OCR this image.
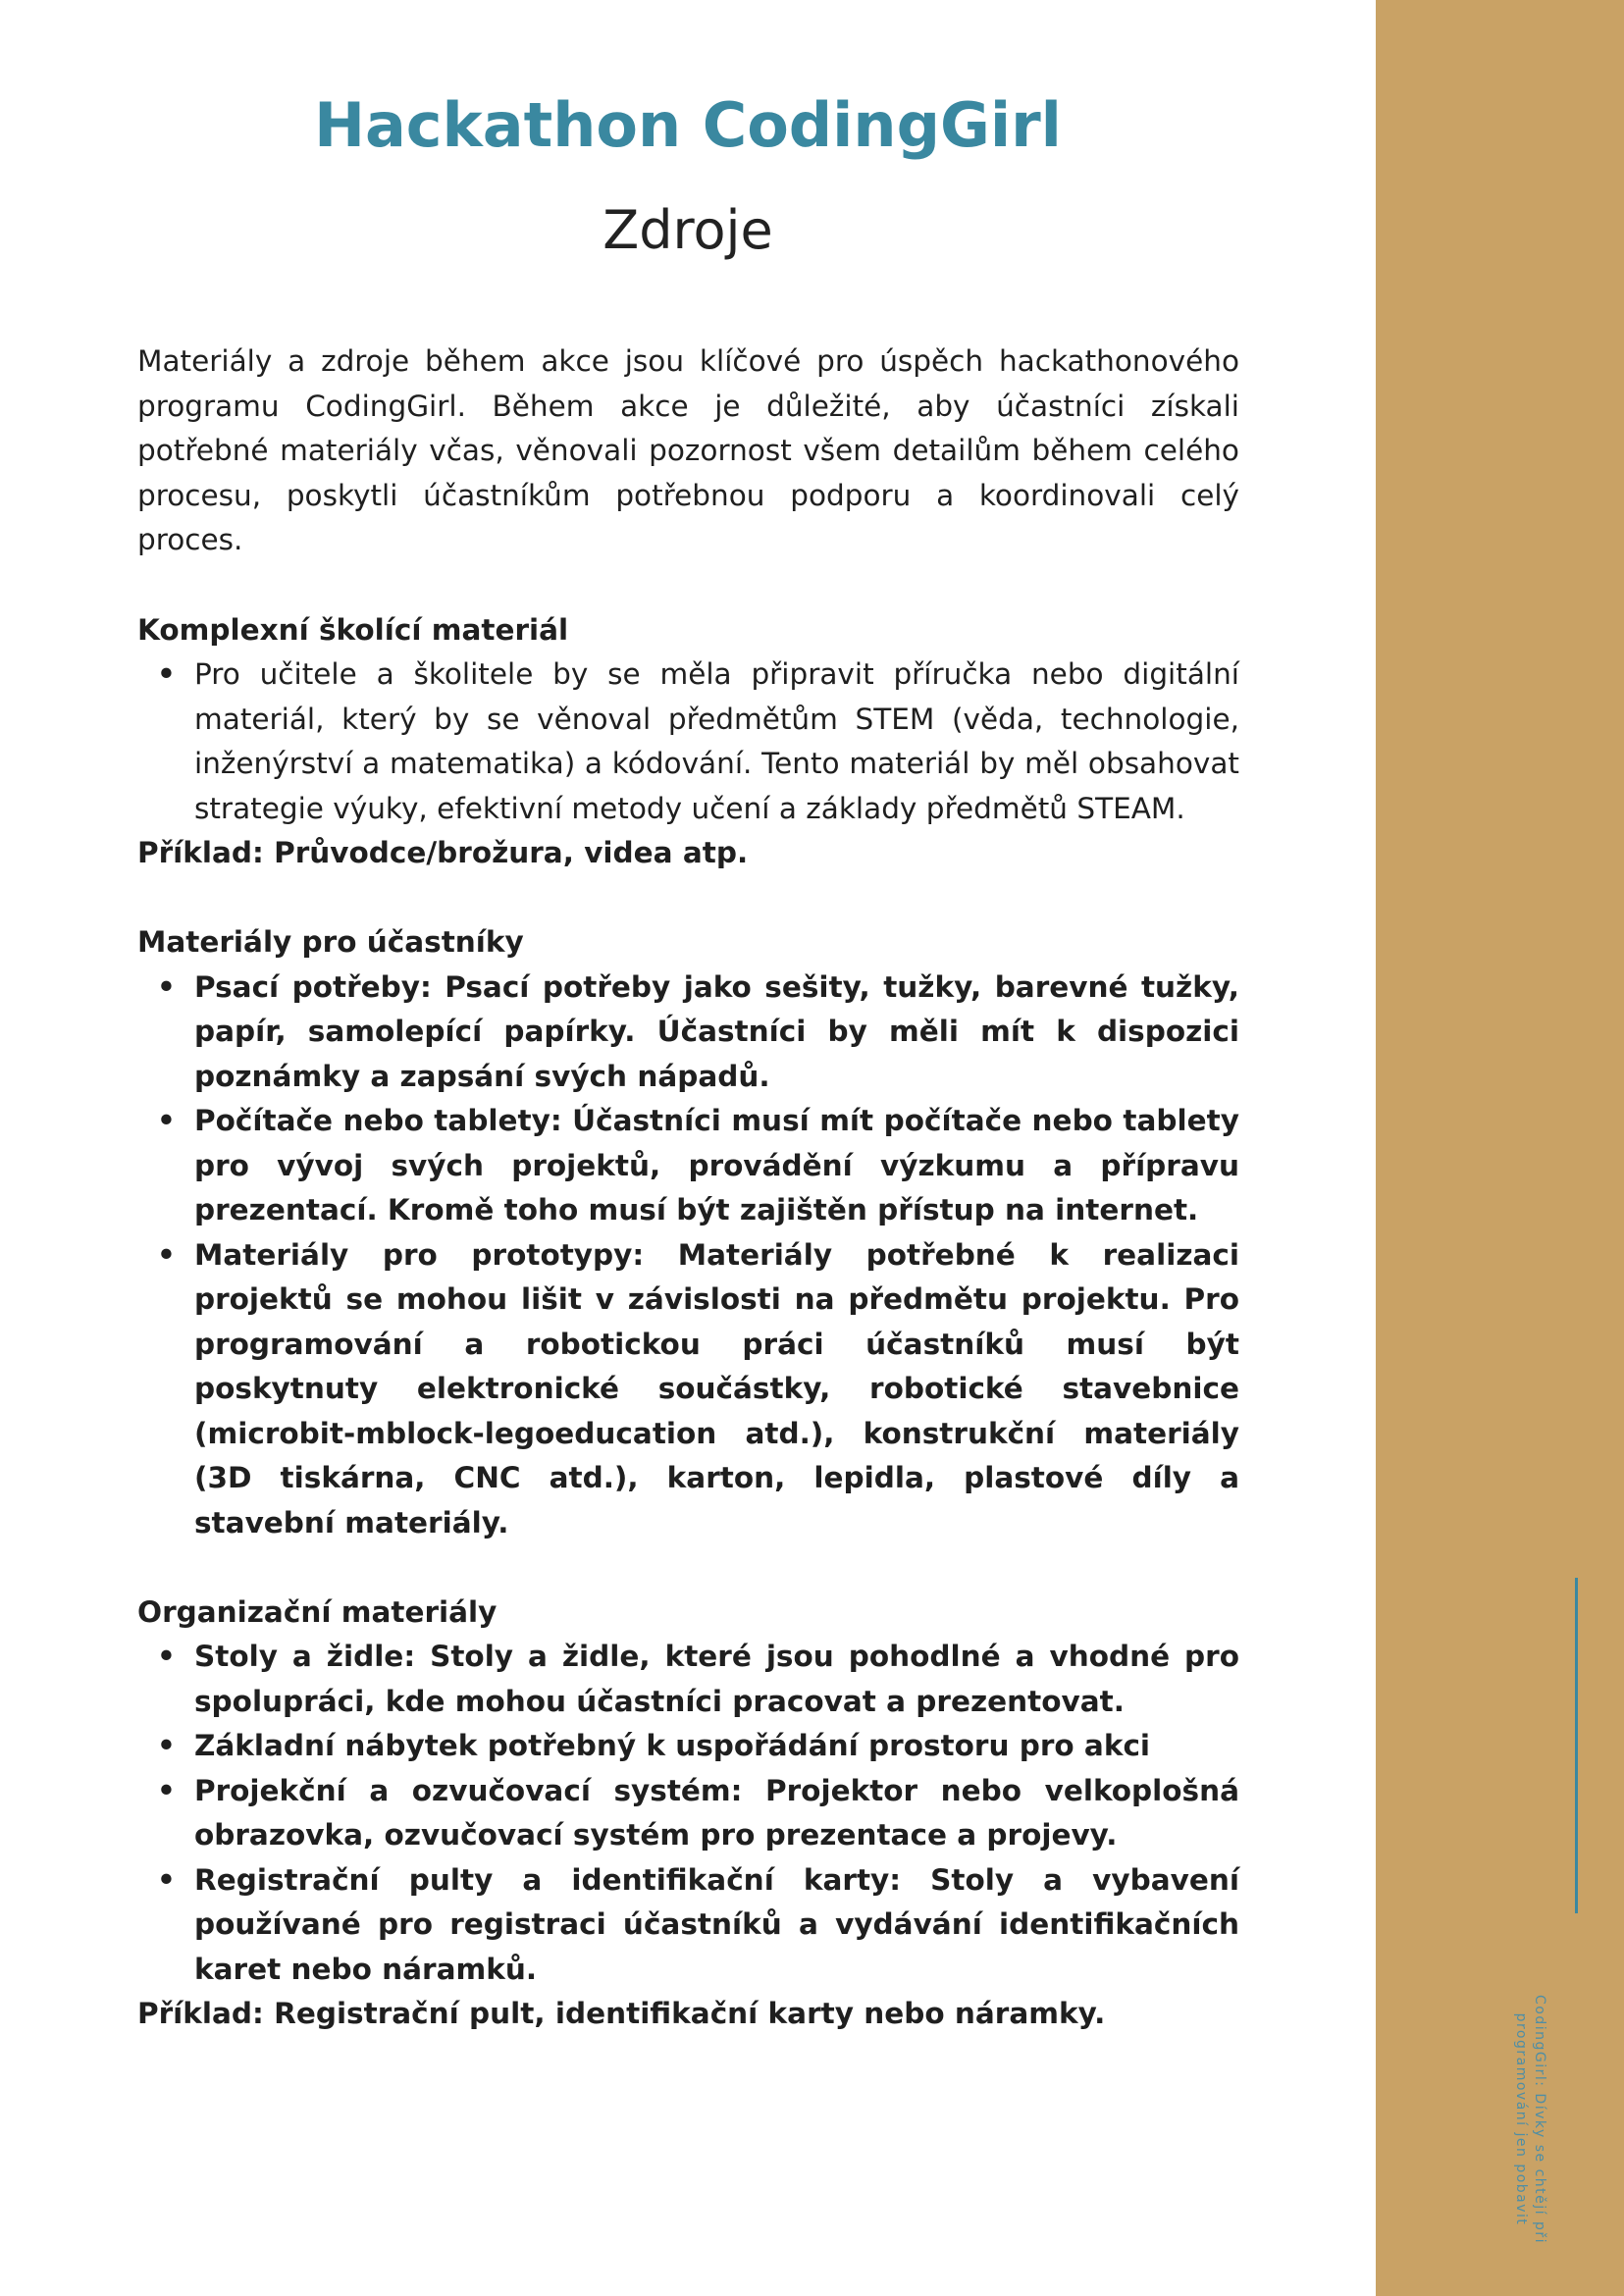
Hackathon CodingGirl
Zdroje

Materiály a zdroje během akce jsou klíčové pro úspěch hackathonového programu CodingGirl. Během akce je důležité, aby účastníci získali potřebné materiály včas, věnovali pozornost všem detailům během celého procesu, poskytli účastníkům potřebnou podporu a koordinovali celý proces.

Komplexní školící materiál

• Pro učitele a školitele by se měla připravit příručka nebo digitální materiál, který by se věnoval předmětům STEM (věda, technologie, inženýrství a matematika) a kódování. Tento materiál by měl obsahovat strategie výuky, efektivní metody učení a základy předmětů STEAM.

Příklad: Průvodce/brožura, videa atp.

Materiály pro účastníky

• Psací potřeby: Psací potřeby jako sešity, tužky, barevné tužky, papír, samolepící papírky. Účastníci by měli mít k dispozici poznámky a zapsání svých nápadů.
• Počítače nebo tablety: Účastníci musí mít počítače nebo tablety pro vývoj svých projektů, provádění výzkumu a přípravu prezentací. Kromě toho musí být zajištěn přístup na internet.
• Materiály pro prototypy: Materiály potřebné k realizaci projektů se mohou lišit v závislosti na předmětu projektu. Pro programování a robotickou práci účastníků musí být poskytnuty elektronické součástky, robotické stavebnice (microbit-mblock-legoeducation atd.), konstrukční materiály (3D tiskárna, CNC atd.), karton, lepidla, plastové díly a stavební materiály.

Organizační materiály

• Stoly a židle: Stoly a židle, které jsou pohodlné a vhodné pro spolupráci, kde mohou účastníci pracovat a prezentovat.
• Základní nábytek potřebný k uspořádání prostoru pro akci
• Projekční a ozvučovací systém: Projektor nebo velkoplošná obrazovka, ozvučovací systém pro prezentace a projevy.
• Registrační pulty a identifikační karty: Stoly a vybavení používané pro registraci účastníků a vydávání identifikačních karet nebo náramků.

Příklad: Registrační pult, identifikační karty nebo náramky.	CodingGirl: Dívky se chtějí při programování jen pobavit
